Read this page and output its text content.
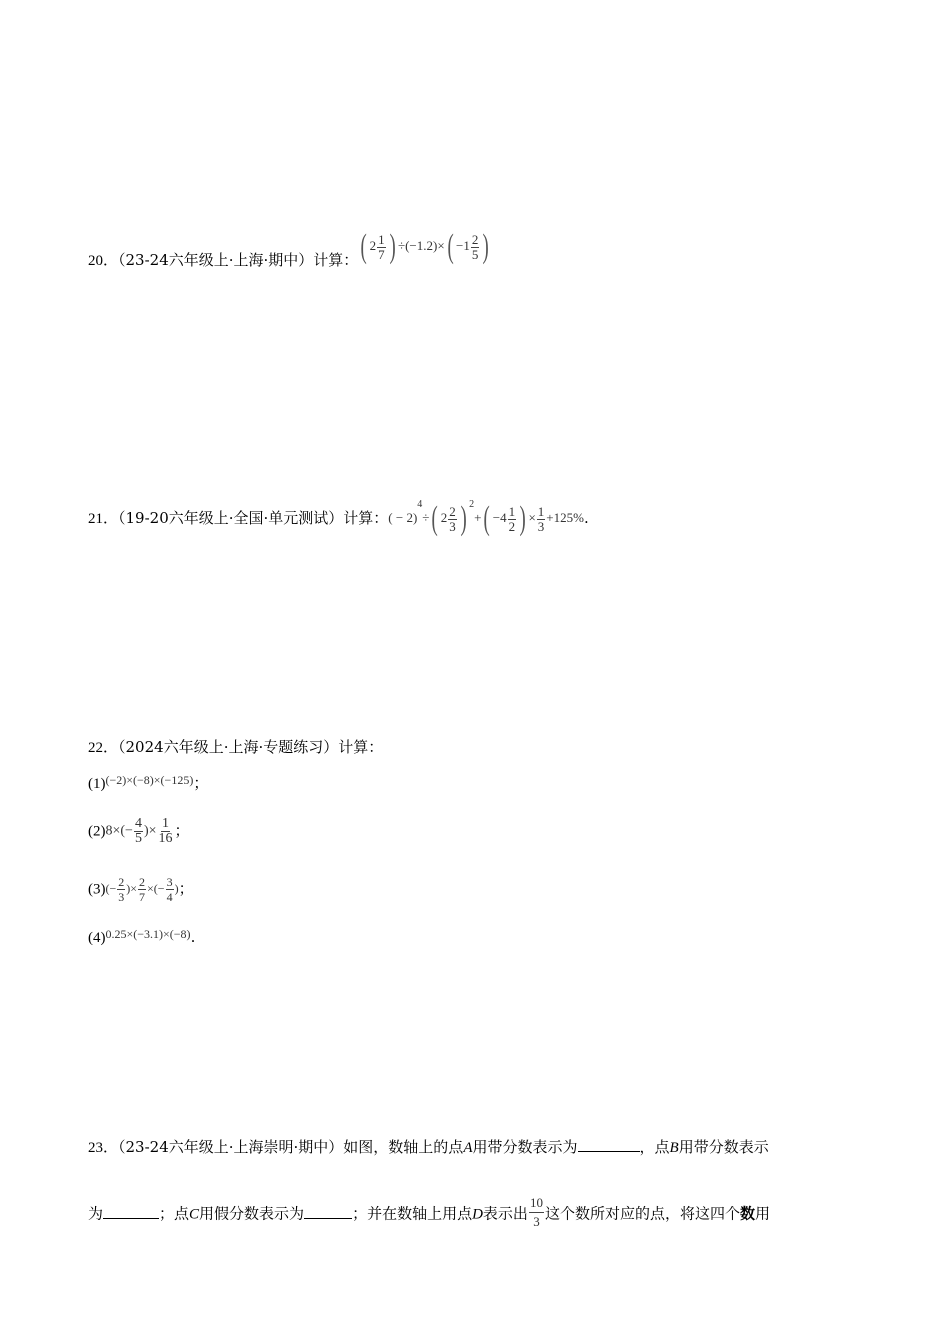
20．（23-24六年级上·上海·期中）计算：( $2 \frac{1}{7}$ ) $\div(-1.2)\times( -1 \frac{2}{5}$ )
21．（19-20六年级上·全国·单元测试）计算：( − 2)$^4$÷( $2 \frac{2}{3}$ ) $^2+( -4 \frac{1}{2}$ ) × $\frac{1}{3} +125\%$.
22．（2024六年级上·上海·专题练习）计算：
$(1)^{(-2)\times(-8)\times(-125)}$；
$(2)8\times(- \frac{4}{5}$ )× $\frac{1}{16}$ ；
$(3)(- \frac{2}{3}$ )× $\frac{2}{7}$ ×(− $\frac{3}{4}$ )；
$(4)^{0.25\times(-3.1)\times(-8)}$.
23．（23-24六年级上·上海崇明·期中）如图，数轴上的点A用带分数表示为	，点B用带分数表示
为	；点C用假分数表示为	；并在数轴上用点D表示出 $\frac{10}{3}$ 这个数所对应的点，将这四个数用
